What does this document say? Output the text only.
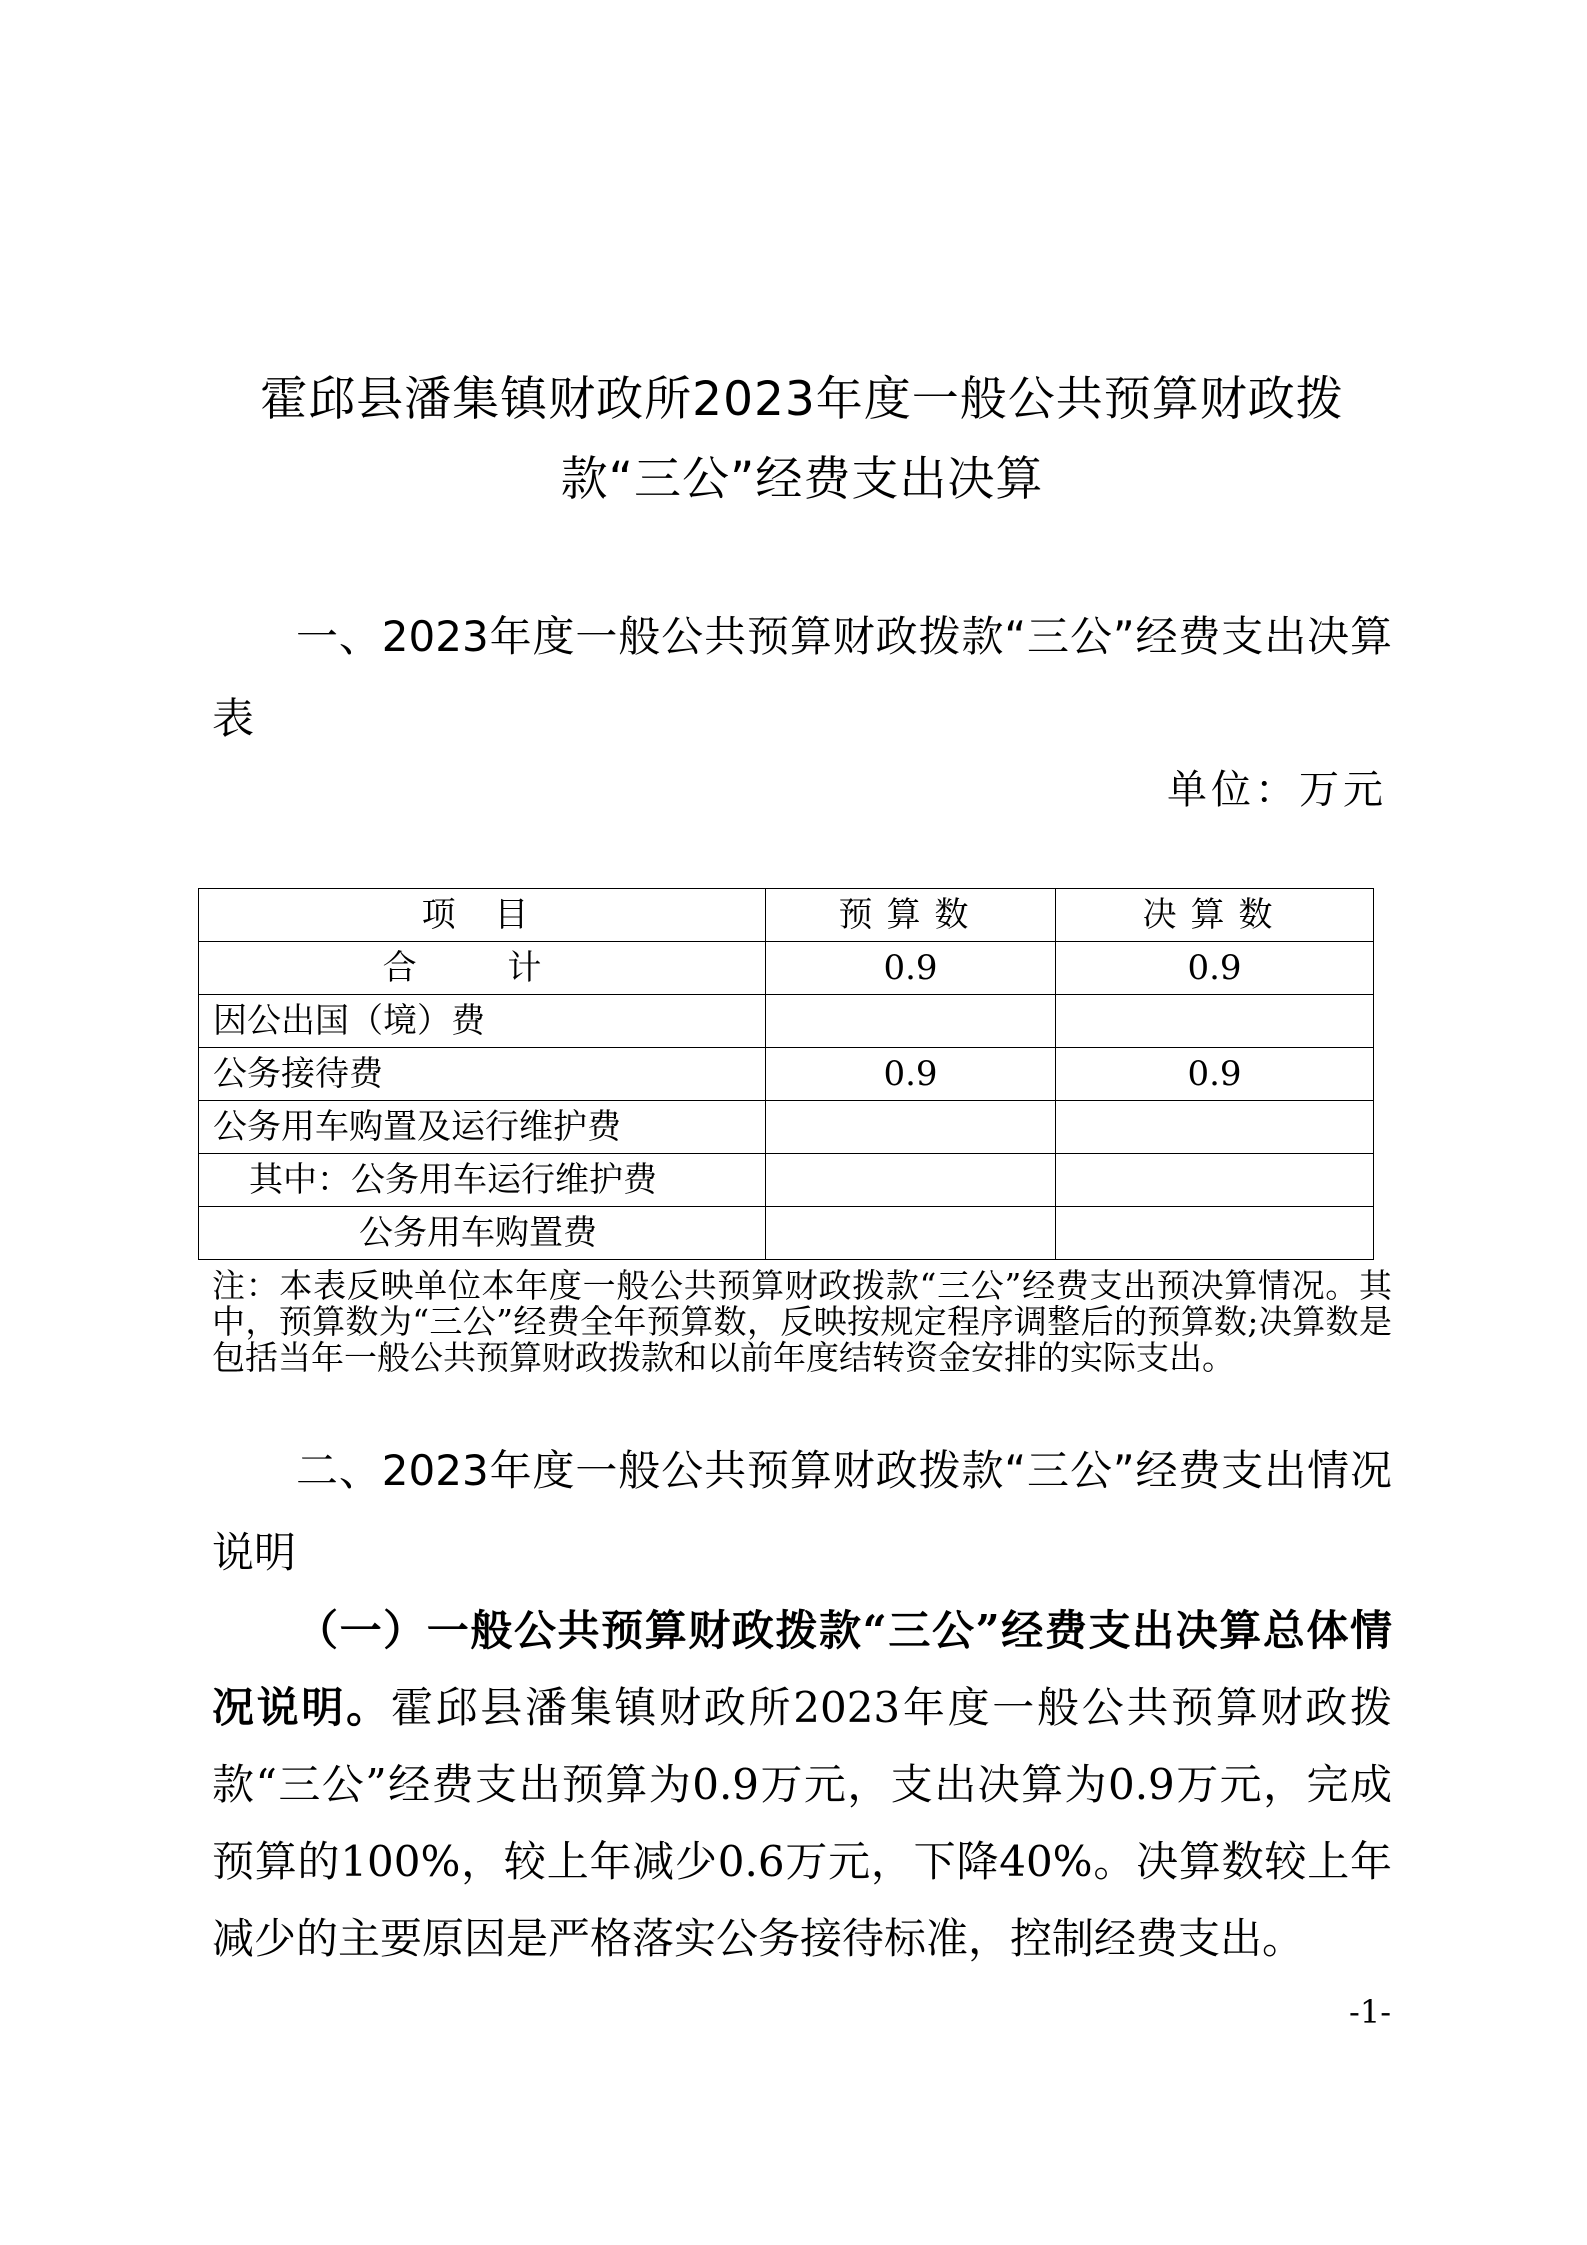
霍邱县潘集镇财政所2023年度一般公共预算财政拨款“三公”经费支出决算
一、2023年度一般公共预算财政拨款“三公”经费支出决算表
单位：万元
项 目	预算数	决算数
合 计	0.9	0.9
因公出国（境）费		
公务接待费	0.9	0.9
公务用车购置及运行维护费		
其中：公务用车运行维护费		
公务用车购置费		

注：本表反映单位本年度一般公共预算财政拨款“三公”经费支出预决算情况。其中，预算数为“三公”经费全年预算数，反映按规定程序调整后的预算数;决算数是包括当年一般公共预算财政拨款和以前年度结转资金安排的实际支出。

二、2023年度一般公共预算财政拨款“三公”经费支出情况说明

（一）一般公共预算财政拨款“三公”经费支出决算总体情况说明。霍邱县潘集镇财政所2023年度一般公共预算财政拨款“三公”经费支出预算为0.9万元，支出决算为0.9万元，完成预算的100%，较上年减少0.6万元，下降40%。决算数较上年减少的主要原因是严格落实公务接待标准，控制经费支出。

-1-
